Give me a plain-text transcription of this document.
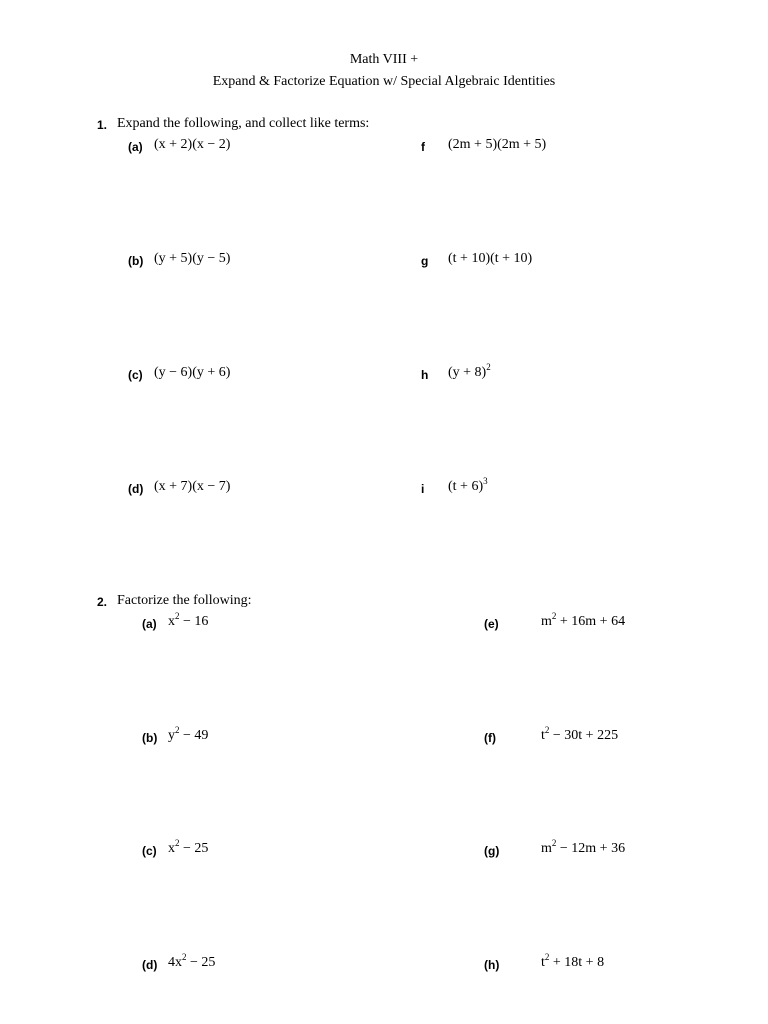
Math VIII +
Expand & Factorize Equation w/ Special Algebraic Identities
1. Expand the following, and collect like terms:
(a) (x + 2)(x − 2)
(b) (y + 5)(y − 5)
(c) (y − 6)(y + 6)
(d) (x + 7)(x − 7)
f (2m + 5)(2m + 5)
g (t + 10)(t + 10)
h $(y + 8)^2$
i $(t + 6)^3$
2. Factorize the following:
(a) $x^2 - 16$
(b) $y^2 - 49$
(c) $x^2 - 25$
(d) $4x^2 - 25$
(e)	$m^2 + 16m + 64$
(f)	$t^2 - 30t + 225$
(g)	$m^2 - 12m + 36$
(h)	$t^2 + 18t + 8$
